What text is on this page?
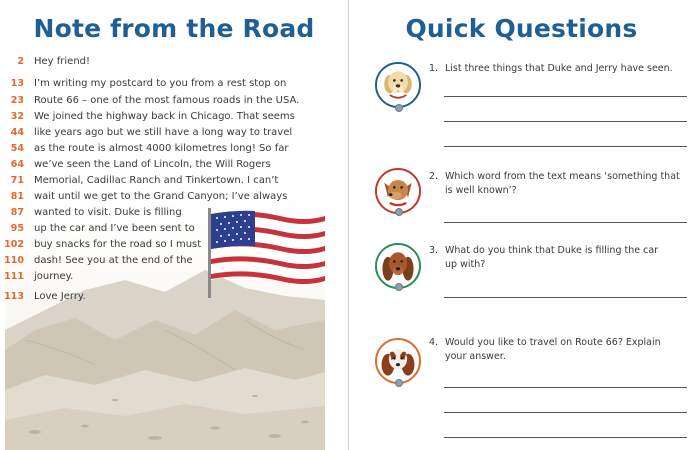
Note from the Road
2 Hey friend!
13 I’m writing my postcard to you from a rest stop on
23 Route 66 – one of the most famous roads in the USA.
32 We joined the highway back in Chicago. That seems
44 like years ago but we still have a long way to travel
54 as the route is almost 4000 kilometres long! So far
64 we’ve seen the Land of Lincoln, the Will Rogers
71 Memorial, Cadillac Ranch and Tinkertown. I can’t
81 wait until we get to the Grand Canyon; I’ve always
87 wanted to visit. Duke is filling
95 up the car and I’ve been sent to
102 buy snacks for the road so I must
110 dash! See you at the end of the
111 journey.
113 Love Jerry.
Quick Questions
1. List three things that Duke and Jerry have seen.
2. Which word from the text means ‘something that
is well known’?
3. What do you think that Duke is filling the car
up with?
4. Would you like to travel on Route 66? Explain
your answer.
